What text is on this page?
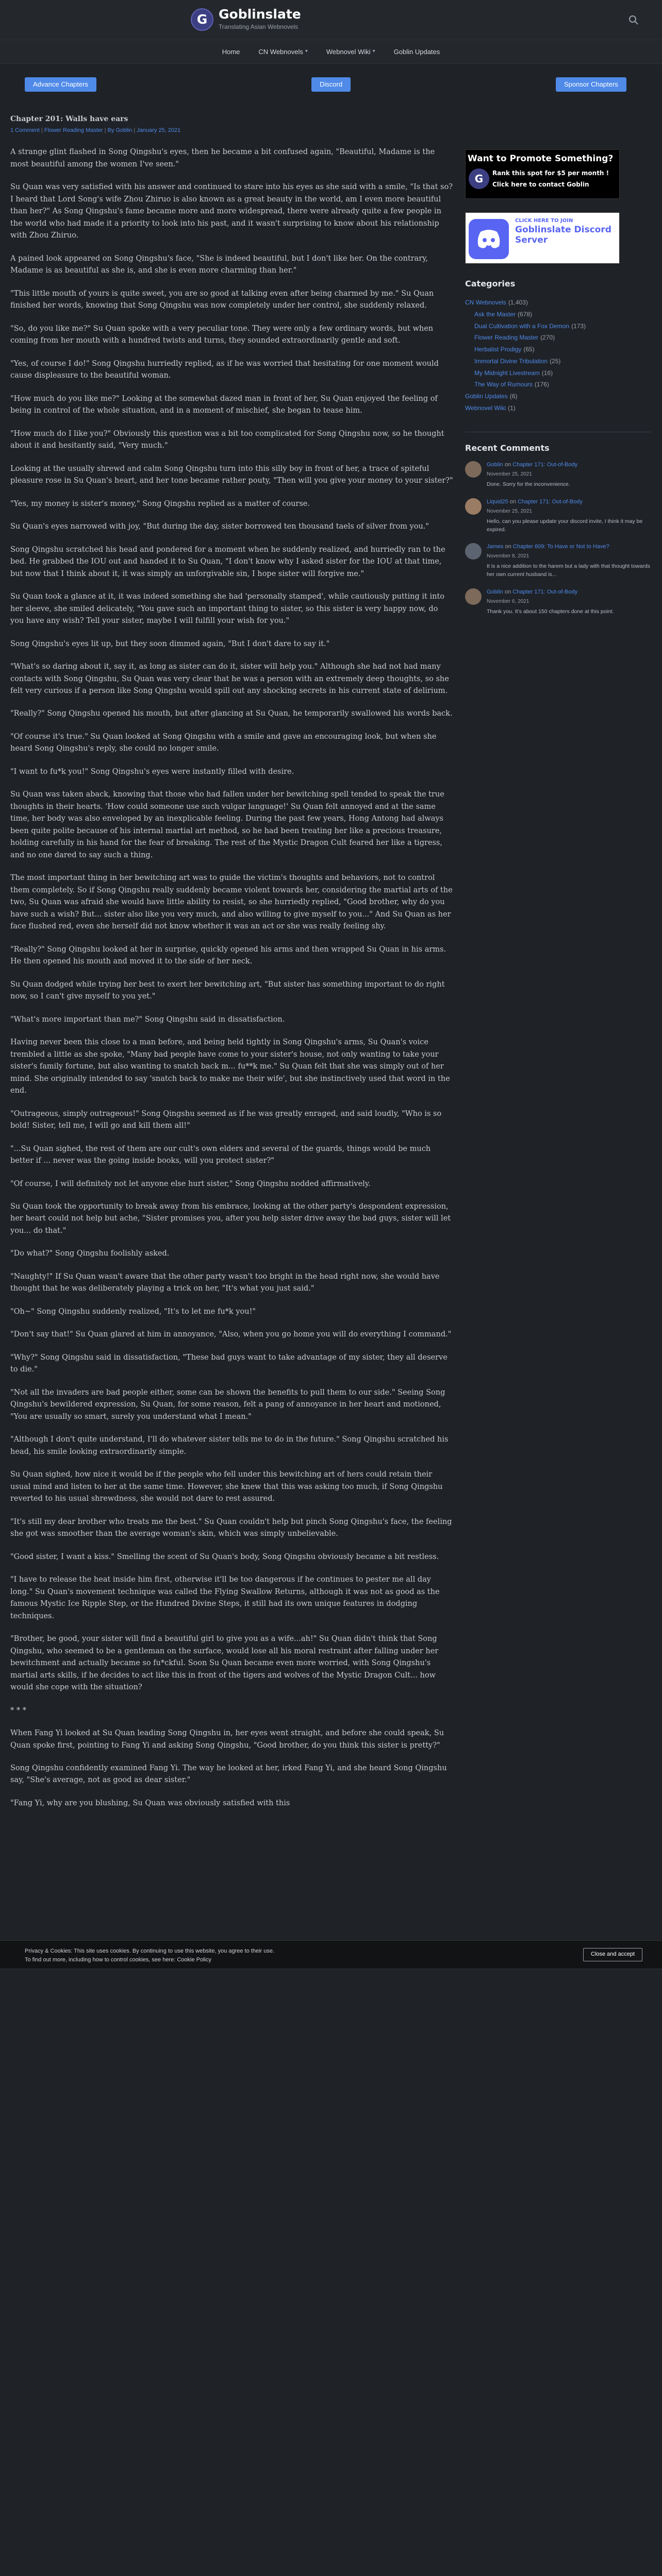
G Goblinslate
Translating Asian Webnovels
Home	CN Webnovels ▾	Webnovel Wiki ▾	Goblin Updates
Advance Chapters	Discord	Sponsor Chapters
Chapter 201: Walls have ears
1 Comment | Flower Reading Master | By Goblin | January 25, 2021

A strange glint flashed in Song Qingshu's eyes, then he became a bit confused again, "Beautiful, Madame is the most beautiful among the women I've seen."

Su Quan was very satisfied with his answer and continued to stare into his eyes as she said with a smile, "Is that so? I heard that Lord Song's wife Zhou Zhiruo is also known as a great beauty in the world, am I even more beautiful than her?" As Song Qingshu's fame became more and more widespread, there were already quite a few people in the world who had made it a priority to look into his past, and it wasn't surprising to know about his relationship with Zhou Zhiruo.

A pained look appeared on Song Qingshu's face, "She is indeed beautiful, but I don't like her. On the contrary, Madame is as beautiful as she is, and she is even more charming than her."

"This little mouth of yours is quite sweet, you are so good at talking even after being charmed by me." Su Quan finished her words, knowing that Song Qingshu was now completely under her control, she suddenly relaxed.

"So, do you like me?" Su Quan spoke with a very peculiar tone. They were only a few ordinary words, but when coming from her mouth with a hundred twists and turns, they sounded extraordinarily gentle and soft.

"Yes, of course I do!" Song Qingshu hurriedly replied, as if he was worried that hesitating for one moment would cause displeasure to the beautiful woman.

"How much do you like me?" Looking at the somewhat dazed man in front of her, Su Quan enjoyed the feeling of being in control of the whole situation, and in a moment of mischief, she began to tease him.

"How much do I like you?" Obviously this question was a bit too complicated for Song Qingshu now, so he thought about it and hesitantly said, "Very much."

Looking at the usually shrewd and calm Song Qingshu turn into this silly boy in front of her, a trace of spiteful pleasure rose in Su Quan's heart, and her tone became rather pouty, "Then will you give your money to your sister?"

"Yes, my money is sister's money," Song Qingshu replied as a matter of course.

Su Quan's eyes narrowed with joy, "But during the day, sister borrowed ten thousand taels of silver from you."

Song Qingshu scratched his head and pondered for a moment when he suddenly realized, and hurriedly ran to the bed. He grabbed the IOU out and handed it to Su Quan, "I don't know why I asked sister for the IOU at that time, but now that I think about it, it was simply an unforgivable sin, I hope sister will forgive me."

Su Quan took a glance at it, it was indeed something she had 'personally stamped', while cautiously putting it into her sleeve, she smiled delicately, "You gave such an important thing to sister, so this sister is very happy now, do you have any wish? Tell your sister, maybe I will fulfill your wish for you."

Song Qingshu's eyes lit up, but they soon dimmed again, "But I don't dare to say it."

"What's so daring about it, say it, as long as sister can do it, sister will help you." Although she had not had many contacts with Song Qingshu, Su Quan was very clear that he was a person with an extremely deep thoughts, so she felt very curious if a person like Song Qingshu would spill out any shocking secrets in his current state of delirium.

"Really?" Song Qingshu opened his mouth, but after glancing at Su Quan, he temporarily swallowed his words back.

"Of course it's true." Su Quan looked at Song Qingshu with a smile and gave an encouraging look, but when she heard Song Qingshu's reply, she could no longer smile.

"I want to fu*k you!" Song Qingshu's eyes were instantly filled with desire.

Su Quan was taken aback, knowing that those who had fallen under her bewitching spell tended to speak the true thoughts in their hearts. 'How could someone use such vulgar language!' Su Quan felt annoyed and at the same time, her body was also enveloped by an inexplicable feeling. During the past few years, Hong Antong had always been quite polite because of his internal martial art method, so he had been treating her like a precious treasure, holding carefully in his hand for the fear of breaking. The rest of the Mystic Dragon Cult feared her like a tigress, and no one dared to say such a thing.

The most important thing in her bewitching art was to guide the victim's thoughts and behaviors, not to control them completely. So if Song Qingshu really suddenly became violent towards her, considering the martial arts of the two, Su Quan was afraid she would have little ability to resist, so she hurriedly replied, "Good brother, why do you have such a wish? But... sister also like you very much, and also willing to give myself to you..." And Su Quan as her face flushed red, even she herself did not know whether it was an act or she was really feeling shy.

"Really?" Song Qingshu looked at her in surprise, quickly opened his arms and then wrapped Su Quan in his arms. He then opened his mouth and moved it to the side of her neck.

Su Quan dodged while trying her best to exert her bewitching art, "But sister has something important to do right now, so I can't give myself to you yet."

"What's more important than me?" Song Qingshu said in dissatisfaction.

Having never been this close to a man before, and being held tightly in Song Qingshu's arms, Su Quan's voice trembled a little as she spoke, "Many bad people have come to your sister's house, not only wanting to take your sister's family fortune, but also wanting to snatch back m... fu**k me." Su Quan felt that she was simply out of her mind. She originally intended to say 'snatch back to make me their wife', but she instinctively used that word in the end.

"Outrageous, simply outrageous!" Song Qingshu seemed as if he was greatly enraged, and said loudly, "Who is so bold! Sister, tell me, I will go and kill them all!"

"...Su Quan sighed, the rest of them are our cult's own elders and several of the guards, things would be much better if ... never was the going inside books, will you protect sister?"

"Of course, I will definitely not let anyone else hurt sister," Song Qingshu nodded affirmatively.

Su Quan took the opportunity to break away from his embrace, looking at the other party's despondent expression, her heart could not help but ache, "Sister promises you, after you help sister drive away the bad guys, sister will let you... do that."

"Do what?" Song Qingshu foolishly asked.

"Naughty!" If Su Quan wasn't aware that the other party wasn't too bright in the head right now, she would have thought that he was deliberately playing a trick on her, "It's what you just said."

"Oh~" Song Qingshu suddenly realized, "It's to let me fu*k you!"

"Don't say that!" Su Quan glared at him in annoyance, "Also, when you go home you will do everything I command."

"Why?" Song Qingshu said in dissatisfaction, "These bad guys want to take advantage of my sister, they all deserve to die."

"Not all the invaders are bad people either, some can be shown the benefits to pull them to our side." Seeing Song Qingshu's bewildered expression, Su Quan, for some reason, felt a pang of annoyance in her heart and motioned, "You are usually so smart, surely you understand what I mean."

"Although I don't quite understand, I'll do whatever sister tells me to do in the future." Song Qingshu scratched his head, his smile looking extraordinarily simple.

Su Quan sighed, how nice it would be if the people who fell under this bewitching art of hers could retain their usual mind and listen to her at the same time. However, she knew that this was asking too much, if Song Qingshu reverted to his usual shrewdness, she would not dare to rest assured.

"It's still my dear brother who treats me the best." Su Quan couldn't help but pinch Song Qingshu's face, the feeling she got was smoother than the average woman's skin, which was simply unbelievable.

"Good sister, I want a kiss." Smelling the scent of Su Quan's body, Song Qingshu obviously became a bit restless.

"I have to release the heat inside him first, otherwise it'll be too dangerous if he continues to pester me all day long." Su Quan's movement technique was called the Flying Swallow Returns, although it was not as good as the famous Mystic Ice Ripple Step, or the Hundred Divine Steps, it still had its own unique features in dodging techniques.

"Brother, be good, your sister will find a beautiful girl to give you as a wife...ah!" Su Quan didn't think that Song Qingshu, who seemed to be a gentleman on the surface, would lose all his moral restraint after falling under her bewitchment and actually became so fu*ckful. Soon Su Quan became even more worried, with Song Qingshu's martial arts skills, if he decides to act like this in front of the tigers and wolves of the Mystic Dragon Cult... how would she cope with the situation?

* * *

When Fang Yi looked at Su Quan leading Song Qingshu in, her eyes went straight, and before she could speak, Su Quan spoke first, pointing to Fang Yi and asking Song Qingshu, "Good brother, do you think this sister is pretty?"

Song Qingshu confidently examined Fang Yi. The way he looked at her, irked Fang Yi, and she heard Song Qingshu say, "She's average, not as good as dear sister."

"Fang Yi, why are you blushing, Su Quan was obviously satisfied with this

Want to Promote Something?
G	Rank this spot for $5 per month !
Click here to contact Goblin
CLICK HERE TO JOIN
Goblinslate Discord Server
Categories
CN Webnovels (1,403)
Ask the Master (678)
Dual Cultivation with a Fox Demon (173)
Flower Reading Master (270)
Herbalist Prodigy (65)
Immortal Divine Tribulation (25)
My Midnight Livestream (16)
The Way of Rumours (176)
Goblin Updates (6)
Webnovel Wiki (1)
Recent Comments
Goblin on Chapter 171: Out-of-Body
November 25, 2021
Done. Sorry for the inconvenience.
Liquid25 on Chapter 171: Out-of-Body
November 25, 2021
Hello, can you please update your discord invite, I think it may be expired.
James on Chapter 609: To Have or Not to Have?
November 8, 2021
It is a nice addition to the harem but a lady with that thought towards her own current husband is...
Goblin on Chapter 171: Out-of-Body
November 6, 2021
Thank you. It's about 150 chapters done at this point.
Privacy & Cookies: This site uses cookies. By continuing to use this website, you agree to their use.
To find out more, including how to control cookies, see here: Cookie Policy
Close and accept
